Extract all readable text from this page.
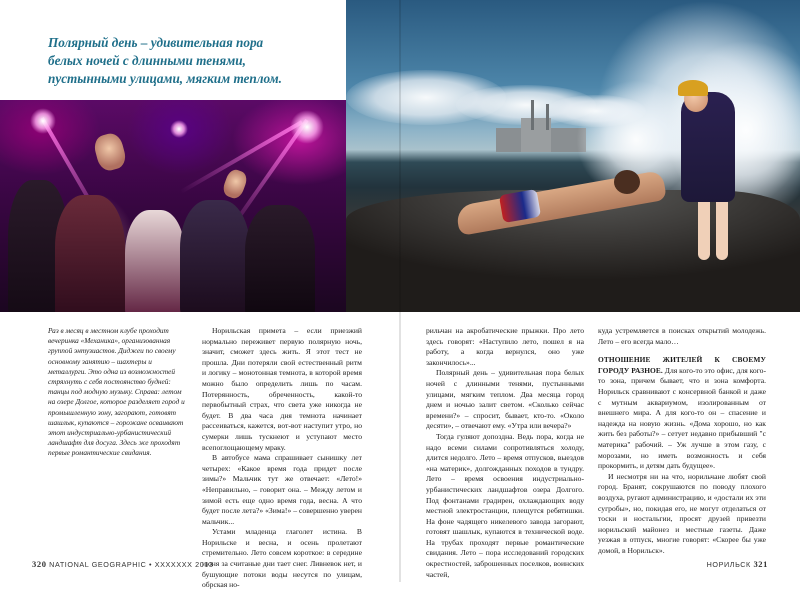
Полярный день – удивительная пора белых ночей с длинными тенями, пустынными улицами, мягким теплом.
Раз в месяц в местном клубе проходит вечеринка «Механика», организованная группой энтузиастов. Диджеи по своему основному занятию – шахтеры и металлурги. Это одна из возможностей стряхнуть с себя постоянство будней: танцы под модную музыку. Справа: летом на озере Долгое, которое разделяет город и промышленную зону, загорают, готовят шашлык, купаются – горожане осваивают этот индустриально-урбанистический ландшафт для досуга. Здесь же проходят первые романтические свидания.

Норильская примета – если приезжий нормально переживет первую полярную ночь, значит, сможет здесь жить. Я этот тест не прошла. Дни потеряли свой естественный ритм и логику – монотонная темнота, в которой время можно было определить лишь по часам. Потерянность, обреченность, какой-то первобытный страх, что света уже никогда не будет. В два часа дня темнота начинает рассеиваться, кажется, вот-вот наступит утро, но сумерки лишь тускнеют и уступают место всепоглощающему мраку.

В автобусе мама спрашивает сынишку лет четырех: «Какое время года придет после зимы?» Мальчик тут же отвечает: «Лето!» «Неправильно, – говорит она. – Между летом и зимой есть еще одно время года, весна. А что будет после лета?» «Зима!» – совершенно уверен мальчик...

Устами младенца глаголет истина. В Норильске и весна, и осень пролетают стремительно. Лето совсем короткое: в середине июня за считаные дни тает снег. Ливневок нет, и бушующие потоки воды несутся по улицам, обрская но-

рильчан на акробатические прыжки. Про лето здесь говорят: «Наступило лето, пошел я на работу, а когда вернулся, оно уже закончилось»...

Полярный день – удивительная пора белых ночей с длинными тенями, пустынными улицами, мягким теплом. Два месяца город днем и ночью залит светом. «Сколько сейчас времени?» – спросит, бывает, кто-то. «Около десяти», – отвечают ему. «Утра или вечера?»

Тогда гуляют допоздна. Ведь пора, когда не надо всеми силами сопротивляться холоду, длится недолго. Лето – время отпусков, выездов «на материк», долгожданных походов в тундру. Лето – время освоения индустриально-урбанистических ландшафтов озера Долгого. Под фонтанами градирен, охлаждающих воду местной электростанции, плещутся ребятишки. На фоне чадящего никелевого завода загорают, готовят шашлык, купаются в технической воде. На трубах проходят первые романтические свидания. Лето – пора исследований городских окрестностей, заброшенных поселков, воинских частей,

куда устремляется в поисках открытий молодежь. Лето – его всегда мало…

ОТНОШЕНИЕ ЖИТЕЛЕЙ К СВОЕМУ ГОРОДУ РАЗНОЕ. Для кого-то это офис, для кого-то зона, причем бывает, что и зона комфорта. Норильск сравнивают с консервной банкой и даже с мутным аквариумом, изолированным от внешнего мира. А для кого-то он – спасение и надежда на новую жизнь. «Дома хорошо, но как жить без работы?» – сетует недавно прибывший "с материка" рабочий. – Уж лучше в этом газу, с морозами, но иметь возможность и себя прокормить, и детям дать будущее».

И несмотря ни на что, норильчане любят свой город. Бранят, сокрушаются по поводу плохого воздуха, ругают администрацию, и «достали их эти сугробы», но, покидая его, не могут отделаться от тоски и ностальгии, просят друзей привезти норильский майонез и местные газеты. Даже уезжая в отпуск, многие говорят: «Скорее бы уже домой, в Норильск».

320 NATIONAL GEOGRAPHIC • XXXXXXX 2013	НОРИЛЬСК 321
